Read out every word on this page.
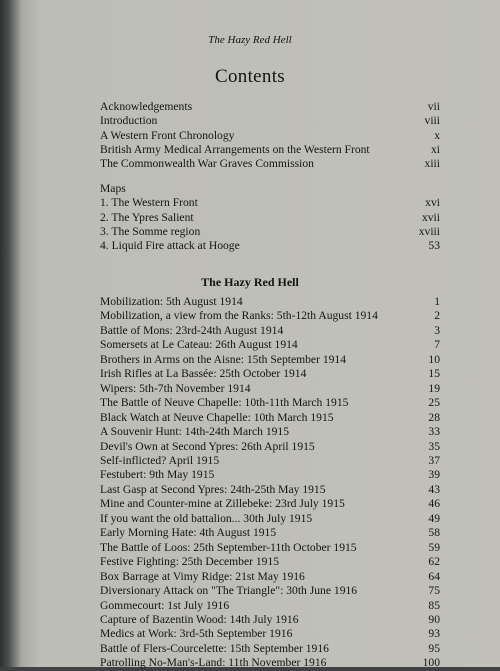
The Hazy Red Hell
Contents
Acknowledgements	vii
Introduction	viii
A Western Front Chronology	x
British Army Medical Arrangements on the Western Front	xi
The Commonwealth War Graves Commission	xiii
Maps
1. The Western Front	xvi
2. The Ypres Salient	xvii
3. The Somme region	xviii
4. Liquid Fire attack at Hooge	53
The Hazy Red Hell
Mobilization: 5th August 1914	1
Mobilization, a view from the Ranks: 5th-12th August 1914	2
Battle of Mons: 23rd-24th August 1914	3
Somersets at Le Cateau: 26th August 1914	7
Brothers in Arms on the Aisne: 15th September 1914	10
Irish Rifles at La Bassée: 25th October 1914	15
Wipers: 5th-7th November 1914	19
The Battle of Neuve Chapelle: 10th-11th March 1915	25
Black Watch at Neuve Chapelle: 10th March 1915	28
A Souvenir Hunt: 14th-24th March 1915	33
Devil's Own at Second Ypres: 26th April 1915	35
Self-inflicted? April 1915	37
Festubert: 9th May 1915	39
Last Gasp at Second Ypres: 24th-25th May 1915	43
Mine and Counter-mine at Zillebeke: 23rd July 1915	46
If you want the old battalion... 30th July 1915	49
Early Morning Hate: 4th August 1915	58
The Battle of Loos: 25th September-11th October 1915	59
Festive Fighting: 25th December 1915	62
Box Barrage at Vimy Ridge: 21st May 1916	64
Diversionary Attack on "The Triangle": 30th June 1916	75
Gommecourt: 1st July 1916	85
Capture of Bazentin Wood: 14th July 1916	90
Medics at Work: 3rd-5th September 1916	93
Battle of Flers-Courcelette: 15th September 1916	95
Patrolling No-Man's-Land: 11th November 1916	100
